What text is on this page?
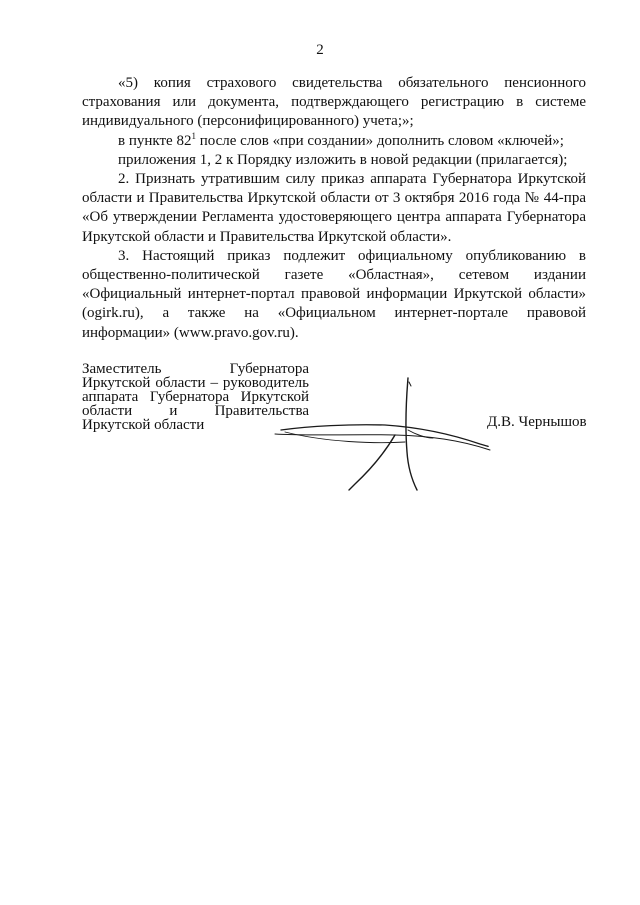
2

«5) копия страхового свидетельства обязательного пенсионного страхования или документа, подтверждающего регистрацию в системе индивидуального (персонифицированного) учета;»;

в пункте $82^1$ после слов «при создании» дополнить словом «ключей»;

приложения 1, 2 к Порядку изложить в новой редакции (прилагается);

2. Признать утратившим силу приказ аппарата Губернатора Иркутской области и Правительства Иркутской области от 3 октября 2016 года № 44-пра «Об утверждении Регламента удостоверяющего центра аппарата Губернатора Иркутской области и Правительства Иркутской области».

3. Настоящий приказ подлежит официальному опубликованию в общественно-политической газете «Областная», сетевом издании «Официальный интернет-портал правовой информации Иркутской области» (ogirk.ru), а также на «Официальном интернет-портале правовой информации» (www.pravo.gov.ru).

Заместитель Губернатора
Иркутской области – руководитель
аппарата Губернатора Иркутской
области и Правительства
Иркутской области	Д.В. Чернышов
